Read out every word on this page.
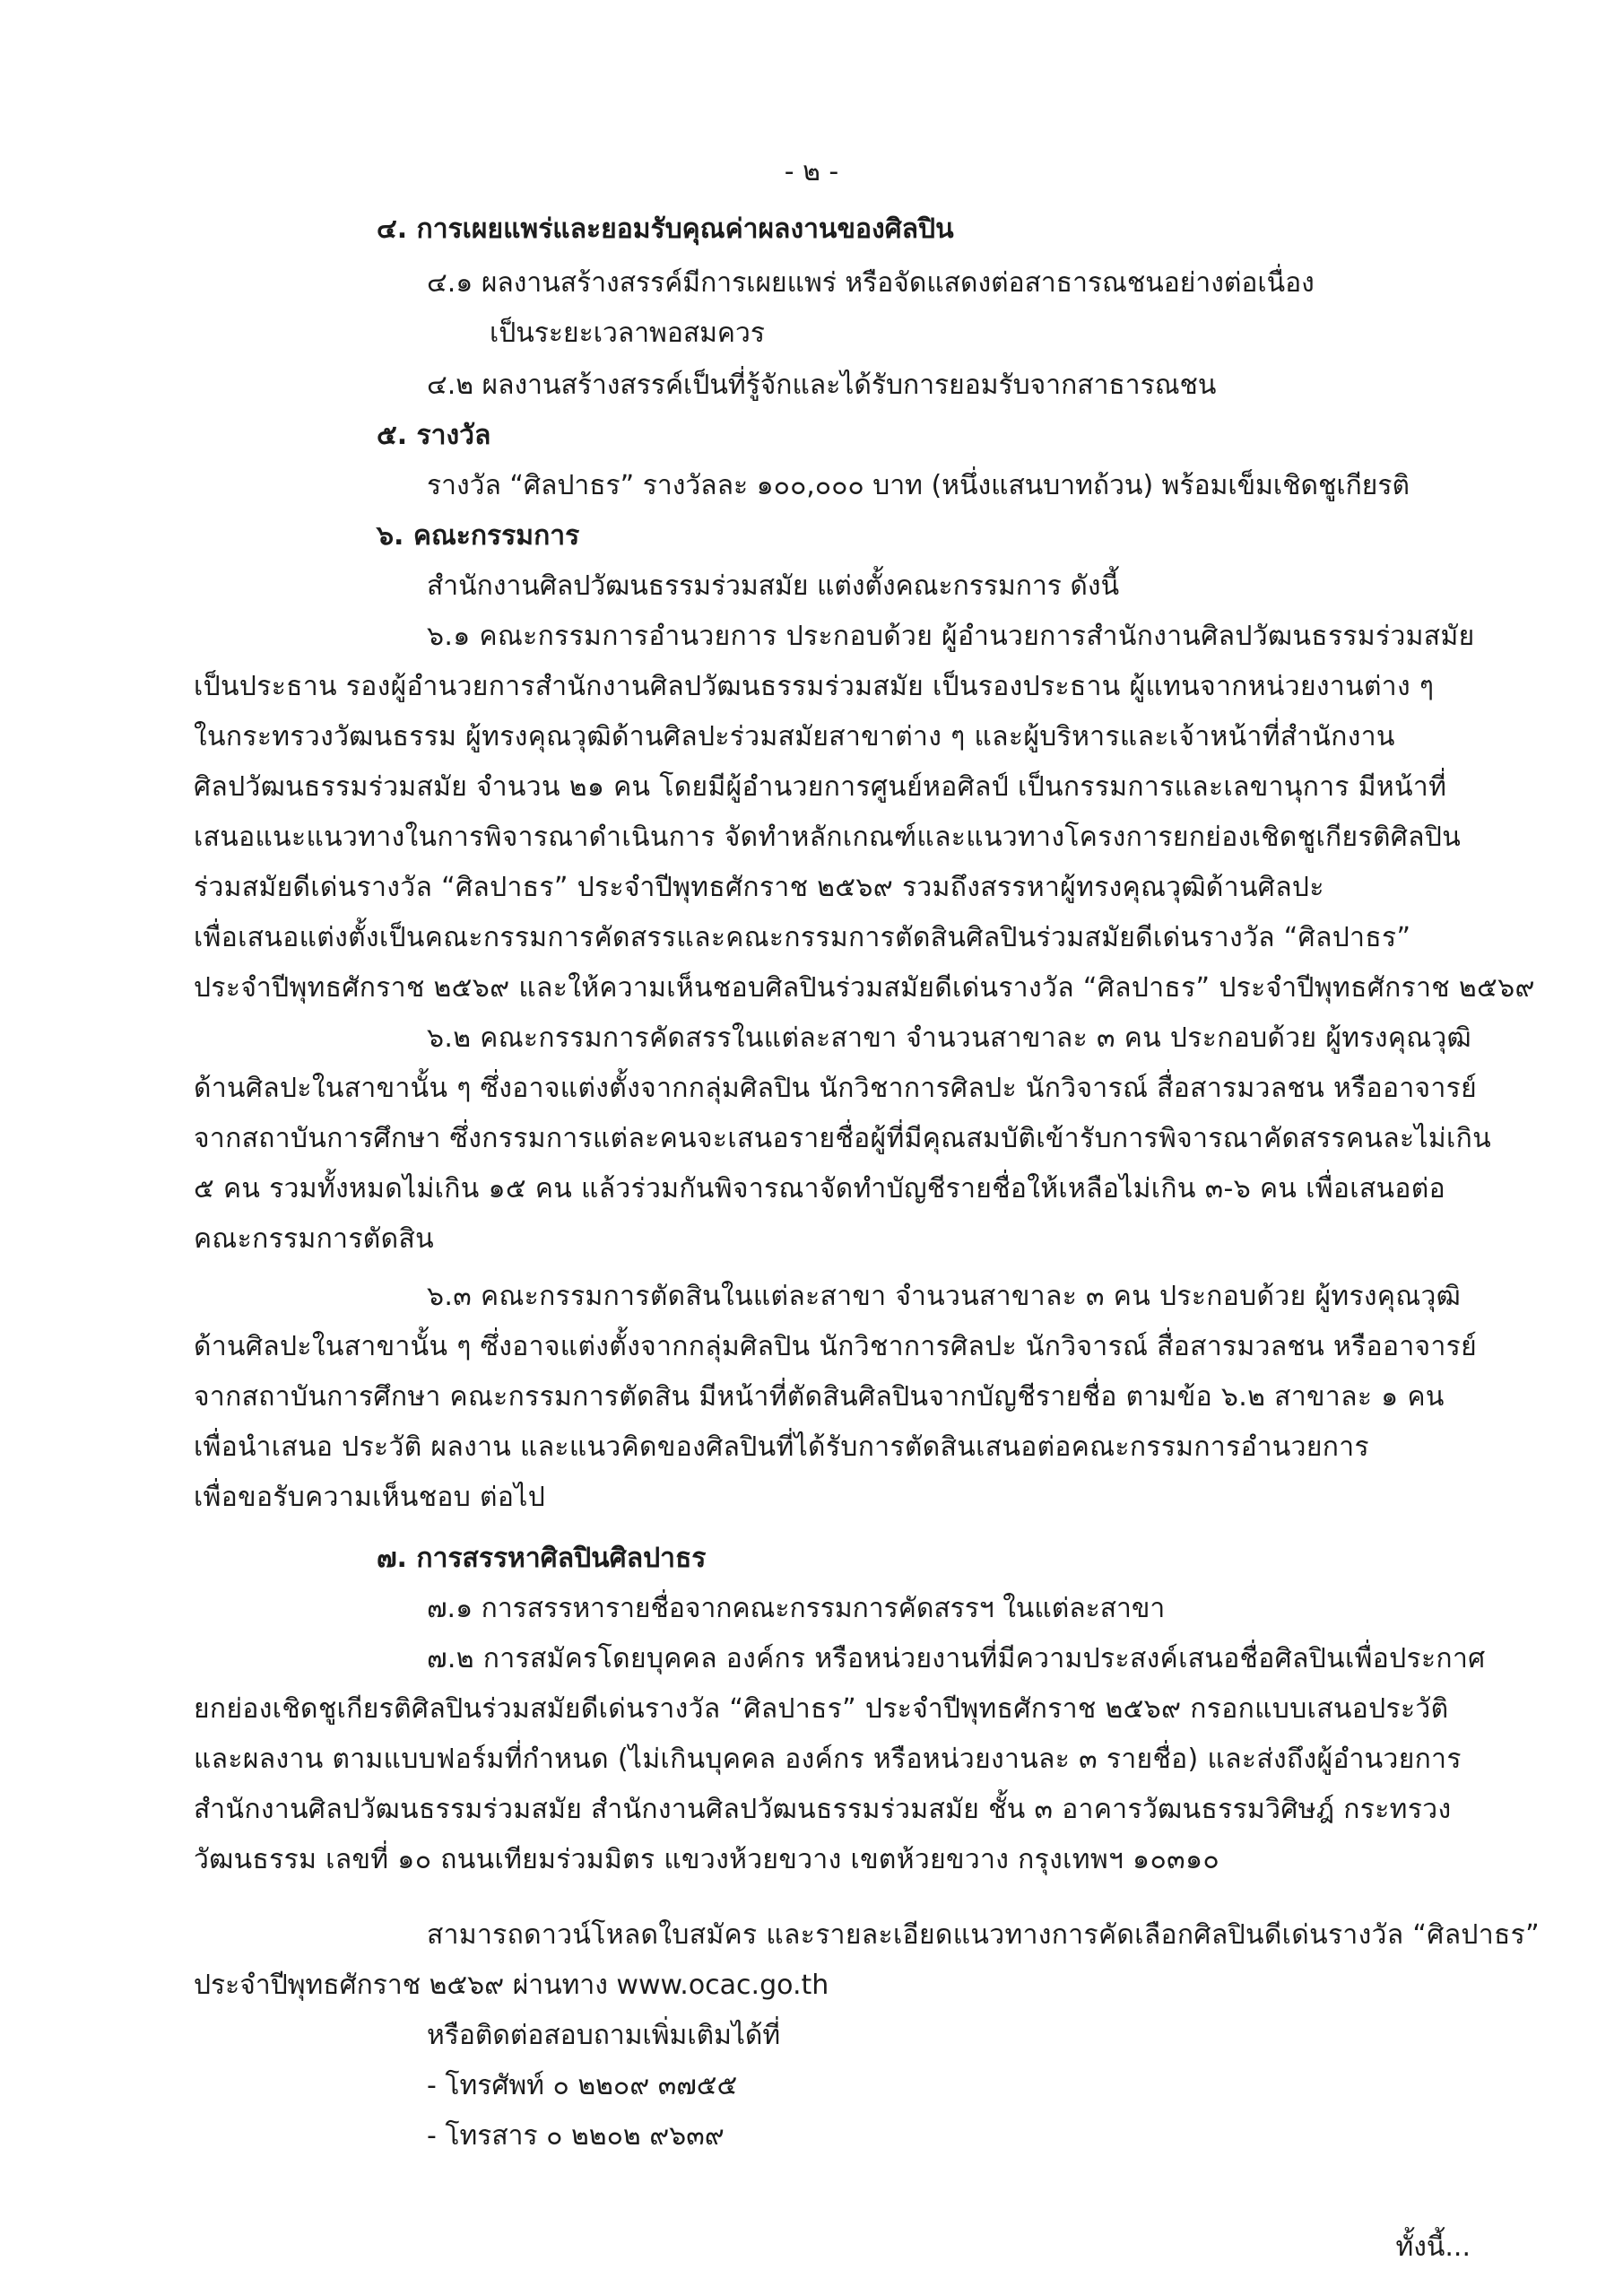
- ๒ -
๔. การเผยแพร่และยอมรับคุณค่าผลงานของศิลปิน
๔.๑ ผลงานสร้างสรรค์มีการเผยแพร่ หรือจัดแสดงต่อสาธารณชนอย่างต่อเนื่อง
เป็นระยะเวลาพอสมควร
๔.๒ ผลงานสร้างสรรค์เป็นที่รู้จักและได้รับการยอมรับจากสาธารณชน
๕. รางวัล
รางวัล “ศิลปาธร” รางวัลละ ๑๐๐,๐๐๐ บาท (หนึ่งแสนบาทถ้วน) พร้อมเข็มเชิดชูเกียรติ
๖. คณะกรรมการ
สำนักงานศิลปวัฒนธรรมร่วมสมัย แต่งตั้งคณะกรรมการ ดังนี้
๖.๑ คณะกรรมการอำนวยการ ประกอบด้วย ผู้อำนวยการสำนักงานศิลปวัฒนธรรมร่วมสมัย
เป็นประธาน รองผู้อำนวยการสำนักงานศิลปวัฒนธรรมร่วมสมัย เป็นรองประธาน ผู้แทนจากหน่วยงานต่าง ๆ
ในกระทรวงวัฒนธรรม ผู้ทรงคุณวุฒิด้านศิลปะร่วมสมัยสาขาต่าง ๆ และผู้บริหารและเจ้าหน้าที่สำนักงาน
ศิลปวัฒนธรรมร่วมสมัย จำนวน ๒๑ คน โดยมีผู้อำนวยการศูนย์หอศิลป์ เป็นกรรมการและเลขานุการ มีหน้าที่
เสนอแนะแนวทางในการพิจารณาดำเนินการ จัดทำหลักเกณฑ์และแนวทางโครงการยกย่องเชิดชูเกียรติศิลปิน
ร่วมสมัยดีเด่นรางวัล “ศิลปาธร” ประจำปีพุทธศักราช ๒๕๖๙ รวมถึงสรรหาผู้ทรงคุณวุฒิด้านศิลปะ
เพื่อเสนอแต่งตั้งเป็นคณะกรรมการคัดสรรและคณะกรรมการตัดสินศิลปินร่วมสมัยดีเด่นรางวัล “ศิลปาธร”
ประจำปีพุทธศักราช ๒๕๖๙ และให้ความเห็นชอบศิลปินร่วมสมัยดีเด่นรางวัล “ศิลปาธร” ประจำปีพุทธศักราช ๒๕๖๙
๖.๒ คณะกรรมการคัดสรรในแต่ละสาขา จำนวนสาขาละ ๓ คน ประกอบด้วย ผู้ทรงคุณวุฒิ
ด้านศิลปะในสาขานั้น ๆ ซึ่งอาจแต่งตั้งจากกลุ่มศิลปิน นักวิชาการศิลปะ นักวิจารณ์ สื่อสารมวลชน หรืออาจารย์
จากสถาบันการศึกษา ซึ่งกรรมการแต่ละคนจะเสนอรายชื่อผู้ที่มีคุณสมบัติเข้ารับการพิจารณาคัดสรรคนละไม่เกิน
๕ คน รวมทั้งหมดไม่เกิน ๑๕ คน แล้วร่วมกันพิจารณาจัดทำบัญชีรายชื่อให้เหลือไม่เกิน ๓-๖ คน เพื่อเสนอต่อ
คณะกรรมการตัดสิน
๖.๓ คณะกรรมการตัดสินในแต่ละสาขา จำนวนสาขาละ ๓ คน ประกอบด้วย ผู้ทรงคุณวุฒิ
ด้านศิลปะในสาขานั้น ๆ ซึ่งอาจแต่งตั้งจากกลุ่มศิลปิน นักวิชาการศิลปะ นักวิจารณ์ สื่อสารมวลชน หรืออาจารย์
จากสถาบันการศึกษา คณะกรรมการตัดสิน มีหน้าที่ตัดสินศิลปินจากบัญชีรายชื่อ ตามข้อ ๖.๒ สาขาละ ๑ คน
เพื่อนำเสนอ ประวัติ ผลงาน และแนวคิดของศิลปินที่ได้รับการตัดสินเสนอต่อคณะกรรมการอำนวยการ
เพื่อขอรับความเห็นชอบ ต่อไป
๗. การสรรหาศิลปินศิลปาธร
๗.๑ การสรรหารายชื่อจากคณะกรรมการคัดสรรฯ ในแต่ละสาขา
๗.๒ การสมัครโดยบุคคล องค์กร หรือหน่วยงานที่มีความประสงค์เสนอชื่อศิลปินเพื่อประกาศ
ยกย่องเชิดชูเกียรติศิลปินร่วมสมัยดีเด่นรางวัล “ศิลปาธร” ประจำปีพุทธศักราช ๒๕๖๙ กรอกแบบเสนอประวัติ
และผลงาน ตามแบบฟอร์มที่กำหนด (ไม่เกินบุคคล องค์กร หรือหน่วยงานละ ๓ รายชื่อ) และส่งถึงผู้อำนวยการ
สำนักงานศิลปวัฒนธรรมร่วมสมัย สำนักงานศิลปวัฒนธรรมร่วมสมัย ชั้น ๓ อาคารวัฒนธรรมวิศิษฎ์ กระทรวง
วัฒนธรรม เลขที่ ๑๐ ถนนเทียมร่วมมิตร แขวงห้วยขวาง เขตห้วยขวาง กรุงเทพฯ ๑๐๓๑๐
สามารถดาวน์โหลดใบสมัคร และรายละเอียดแนวทางการคัดเลือกศิลปินดีเด่นรางวัล “ศิลปาธร”
ประจำปีพุทธศักราช ๒๕๖๙ ผ่านทาง www.ocac.go.th
หรือติดต่อสอบถามเพิ่มเติมได้ที่
- โทรศัพท์ ๐ ๒๒๐๙ ๓๗๕๕
- โทรสาร ๐ ๒๒๐๒ ๙๖๓๙
ทั้งนี้...
